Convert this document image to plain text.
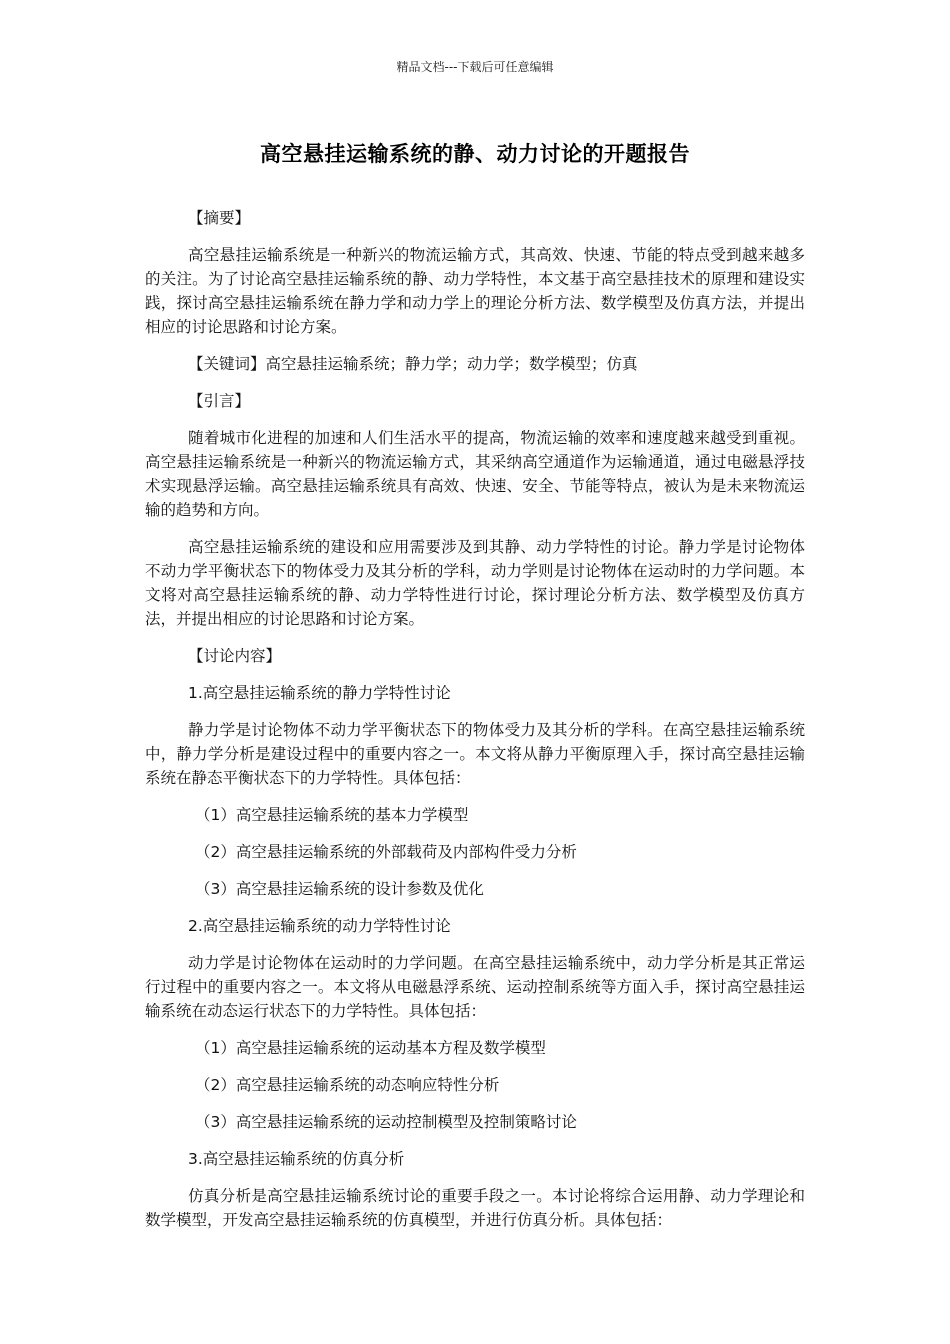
精品文档---下载后可任意编辑
高空悬挂运输系统的静、动力讨论的开题报告

【摘要】

高空悬挂运输系统是一种新兴的物流运输方式，其高效、快速、节能的特点受到越来越多的关注。为了讨论高空悬挂运输系统的静、动力学特性，本文基于高空悬挂技术的原理和建设实践，探讨高空悬挂运输系统在静力学和动力学上的理论分析方法、数学模型及仿真方法，并提出相应的讨论思路和讨论方案。

【关键词】高空悬挂运输系统；静力学；动力学；数学模型；仿真

【引言】

随着城市化进程的加速和人们生活水平的提高，物流运输的效率和速度越来越受到重视。高空悬挂运输系统是一种新兴的物流运输方式，其采纳高空通道作为运输通道，通过电磁悬浮技术实现悬浮运输。高空悬挂运输系统具有高效、快速、安全、节能等特点，被认为是未来物流运输的趋势和方向。

高空悬挂运输系统的建设和应用需要涉及到其静、动力学特性的讨论。静力学是讨论物体不动力学平衡状态下的物体受力及其分析的学科，动力学则是讨论物体在运动时的力学问题。本文将对高空悬挂运输系统的静、动力学特性进行讨论，探讨理论分析方法、数学模型及仿真方法，并提出相应的讨论思路和讨论方案。

【讨论内容】

1.高空悬挂运输系统的静力学特性讨论

静力学是讨论物体不动力学平衡状态下的物体受力及其分析的学科。在高空悬挂运输系统中，静力学分析是建设过程中的重要内容之一。本文将从静力平衡原理入手，探讨高空悬挂运输系统在静态平衡状态下的力学特性。具体包括：

（1）高空悬挂运输系统的基本力学模型

（2）高空悬挂运输系统的外部载荷及内部构件受力分析

（3）高空悬挂运输系统的设计参数及优化

2.高空悬挂运输系统的动力学特性讨论

动力学是讨论物体在运动时的力学问题。在高空悬挂运输系统中，动力学分析是其正常运行过程中的重要内容之一。本文将从电磁悬浮系统、运动控制系统等方面入手，探讨高空悬挂运输系统在动态运行状态下的力学特性。具体包括：

（1）高空悬挂运输系统的运动基本方程及数学模型

（2）高空悬挂运输系统的动态响应特性分析

（3）高空悬挂运输系统的运动控制模型及控制策略讨论

3.高空悬挂运输系统的仿真分析

仿真分析是高空悬挂运输系统讨论的重要手段之一。本讨论将综合运用静、动力学理论和数学模型，开发高空悬挂运输系统的仿真模型，并进行仿真分析。具体包括：
